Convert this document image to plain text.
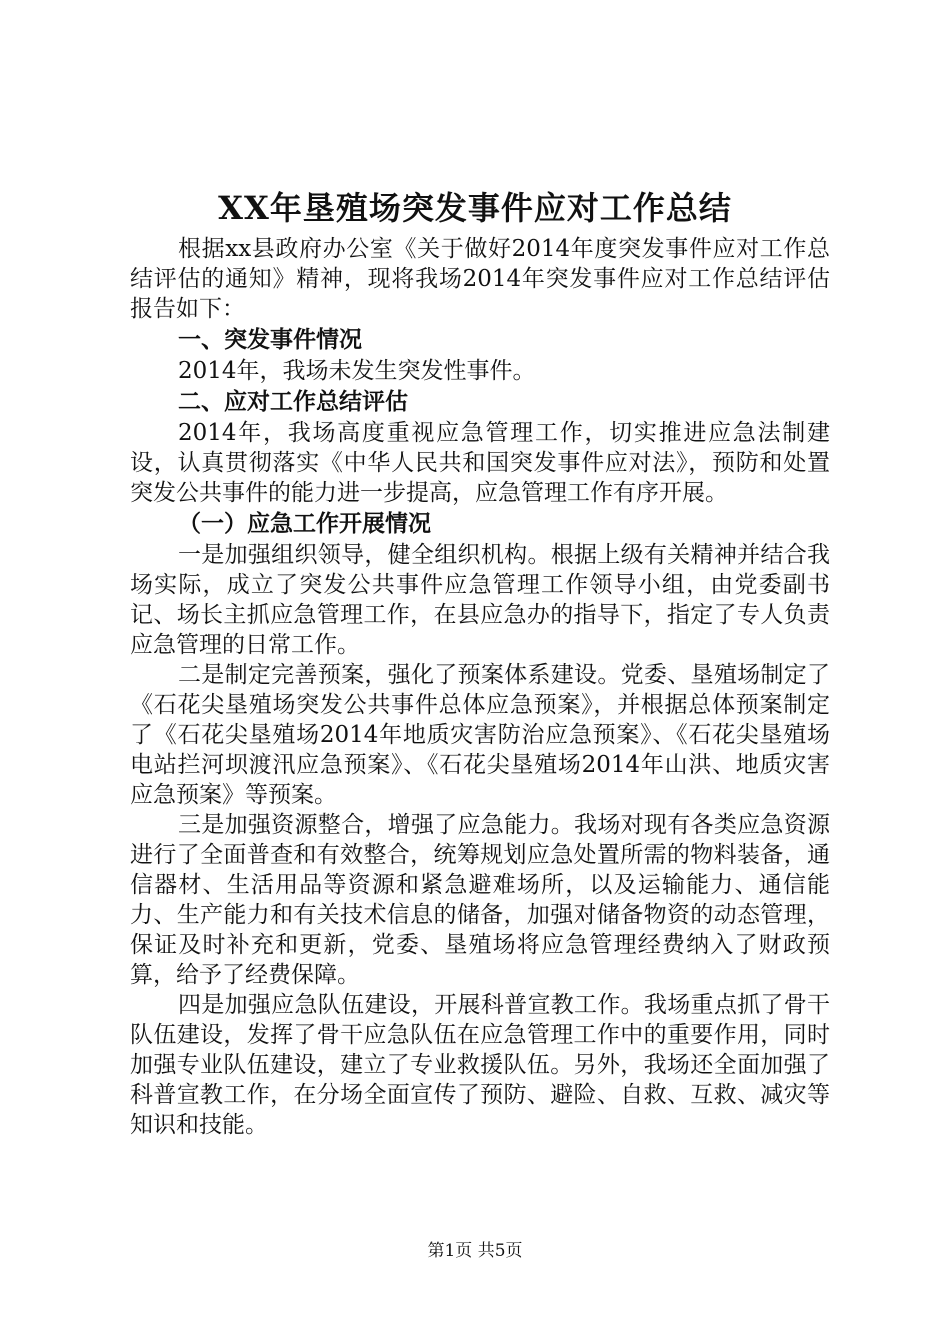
XX年垦殖场突发事件应对工作总结

根据xx县政府办公室《关于做好2014年度突发事件应对工作总结评估的通知》精神，现将我场2014年突发事件应对工作总结评估报告如下：

一、突发事件情况

2014年，我场未发生突发性事件。

二、应对工作总结评估

2014年，我场高度重视应急管理工作，切实推进应急法制建设，认真贯彻落实《中华人民共和国突发事件应对法》，预防和处置突发公共事件的能力进一步提高，应急管理工作有序开展。

（一）应急工作开展情况

一是加强组织领导，健全组织机构。根据上级有关精神并结合我场实际，成立了突发公共事件应急管理工作领导小组，由党委副书记、场长主抓应急管理工作，在县应急办的指导下，指定了专人负责应急管理的日常工作。

二是制定完善预案，强化了预案体系建设。党委、垦殖场制定了《石花尖垦殖场突发公共事件总体应急预案》，并根据总体预案制定了《石花尖垦殖场2014年地质灾害防治应急预案》、《石花尖垦殖场电站拦河坝渡汛应急预案》、《石花尖垦殖场2014年山洪、地质灾害应急预案》等预案。

三是加强资源整合，增强了应急能力。我场对现有各类应急资源进行了全面普查和有效整合，统筹规划应急处置所需的物料装备，通信器材、生活用品等资源和紧急避难场所，以及运输能力、通信能力、生产能力和有关技术信息的储备，加强对储备物资的动态管理，保证及时补充和更新，党委、垦殖场将应急管理经费纳入了财政预算，给予了经费保障。

四是加强应急队伍建设，开展科普宣教工作。我场重点抓了骨干队伍建设，发挥了骨干应急队伍在应急管理工作中的重要作用，同时加强专业队伍建设，建立了专业救援队伍。另外，我场还全面加强了科普宣教工作，在分场全面宣传了预防、避险、自救、互救、减灾等知识和技能。

第1页 共5页
